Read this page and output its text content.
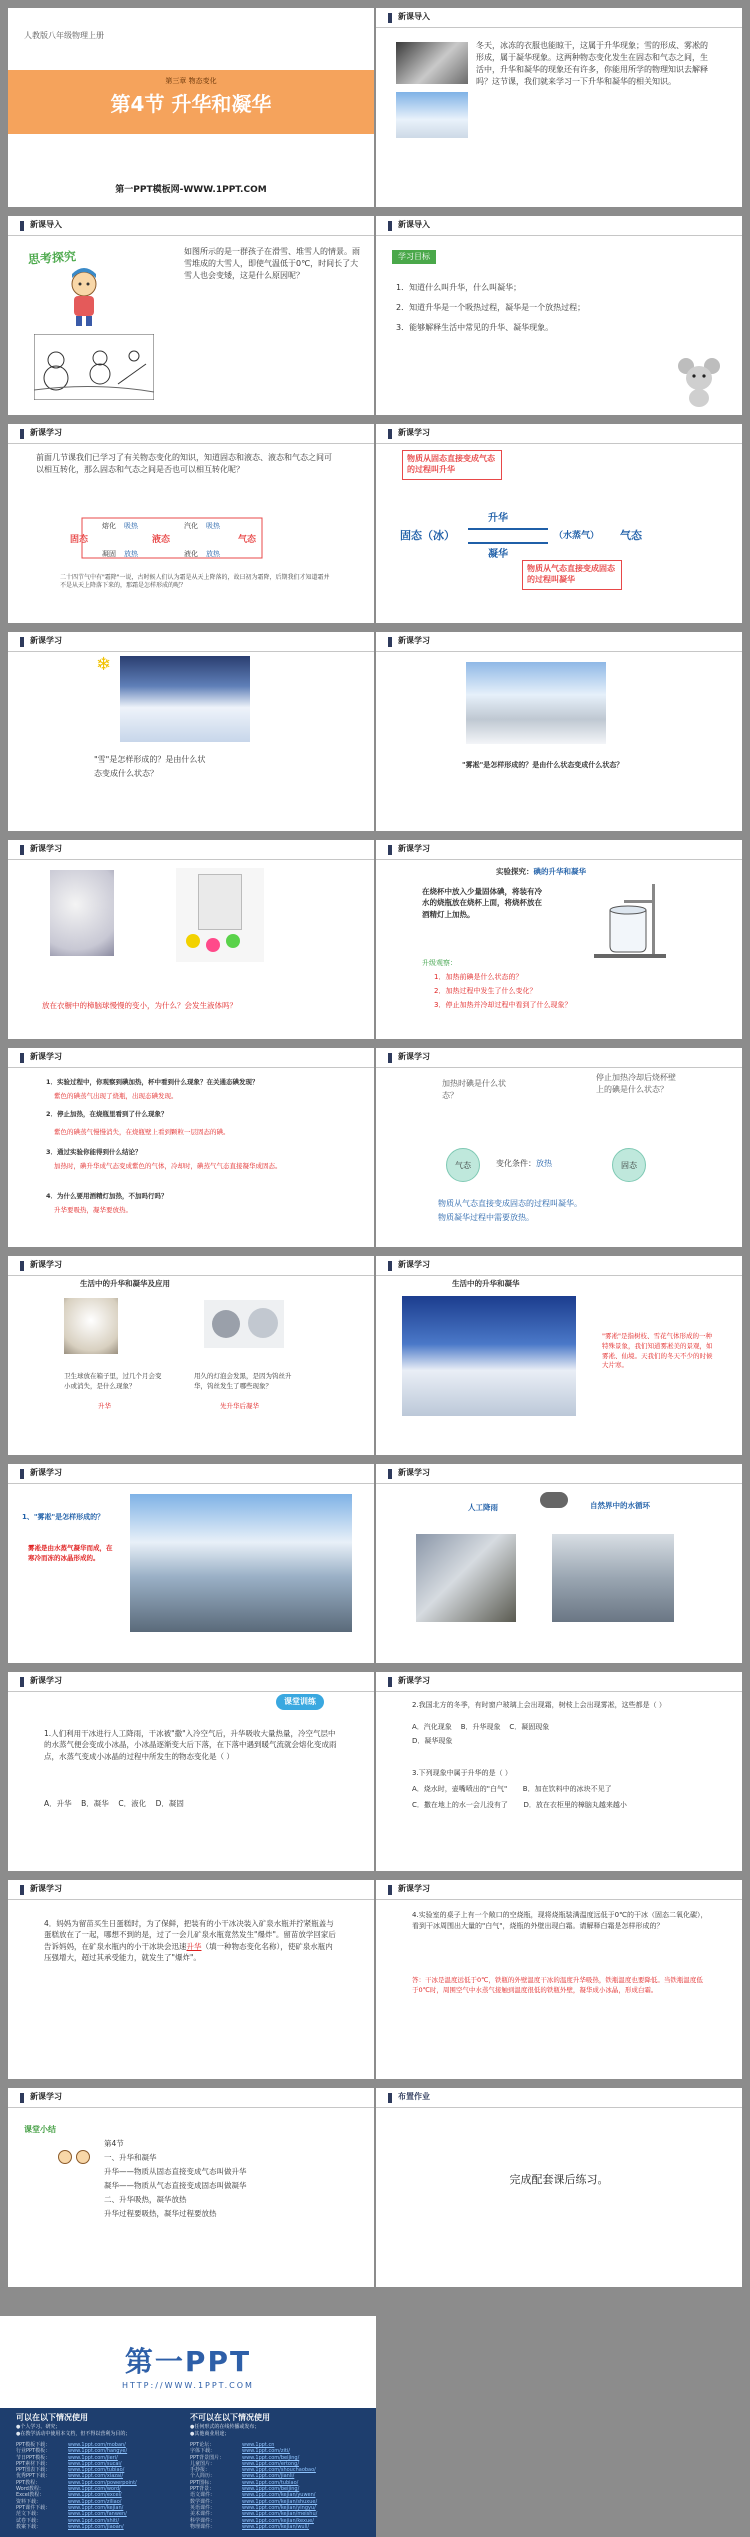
人教版八年级物理上册
第三章 物态变化
第4节 升华和凝华
第一PPT模板网-WWW.1PPT.COM
新课导入
冬天，冰冻的衣服也能晾干，这属于升华现象；雪的形成、雾凇的形成，属于凝华现象。这两种物态变化发生在固态和气态之间，生活中，升华和凝华的现象还有许多，你能用所学的物理知识去解释吗？这节课，我们就来学习一下升华和凝华的相关知识。
新课导入
思考探究	如图所示的是一群孩子在滑雪、堆雪人的情景。雨雪堆成的大雪人，即使气温低于0℃，时间长了大雪人也会变矮，这是什么原因呢？
新课导入
学习目标
1．知道什么叫升华，什么叫凝华；
2．知道升华是一个吸热过程，凝华是一个放热过程；
3．能够解释生活中常见的升华、凝华现象。
新课学习
前面几节课我们已学习了有关物态变化的知识，知道固态和液态、液态和气态之间可以相互转化，那么固态和气态之间是否也可以相互转化呢？
固态	液态	气态
熔化 吸热
凝固 放热
汽化 吸热
液化 放热
二十四节气中有"霜降"一说，古时候人们认为霜是从天上降落的，故曰初为霜降，后期我们才知道霜并不是从天上降落下来的，那霜是怎样形成的呢？
新课学习
物质从固态直接变成气态的过程叫升华
升华
固态（冰）	（水蒸气） 气态
凝华
物质从气态直接变成固态的过程叫凝华
新课学习
❄
"雪"是怎样形成的？是由什么状
态变成什么状态？
新课学习
"雾凇"是怎样形成的？是由什么状态变成什么状态？
新课学习
放在衣橱中的樟脑球慢慢的变小，为什么？会发生液体吗？
新课学习
实验探究：碘的升华和凝华
在烧杯中放入少量固体碘，将装有冷水的烧瓶放在烧杯上面，将烧杯放在酒精灯上加热。
升级观察：
1．加热前碘是什么状态的？
2．加热过程中发生了什么变化？
3．停止加热并冷却过程中看到了什么现象？
新课学习
1．实验过程中，你观察到碘加热，杯中看到什么现象？在关通态碘发现？
紫色的碘蒸气出现了烧瓶，出现态碘发现。
2．停止加热，在烧瓶里看到了什么现象？
紫色的碘蒸气慢慢消失，在烧瓶壁上看到颗粒一层固态的碘。
3．通过实验你能得到什么结论？
加热时，碘升华成气态变成紫色的气体，冷却时，碘蒸气气态直接凝华成固态。
4．为什么要用酒精灯加热，不加吗行吗？
升华要吸热，凝华要放热。
新课学习
加热时碘是什么状态？
停止加热冷却后烧杯壁上的碘是什么状态？
气态	变化条件：放热	固态
物质从气态直接变成固态的过程叫凝华。
物质凝华过程中需要放热。
新课学习
生活中的升华和凝华及应用
卫生球放在箱子里，过几个月会变小或消失，是什么现象？
升华
用久的灯泡会发黑，是因为钨丝升华，钨丝发生了哪些现象？
先升华后凝华
新课学习
生活中的升华和凝华
"雾凇"是指树枝、雪花气体形成的一种特殊景象，我们知道雾凇美的景观，如雾凇、仙境。天我们的冬天不少的时候大片寒。
新课学习
1、"雾凇"是怎样形成的？
雾凇是由水蒸气凝华而成，在寒冷而冻的冰晶形成的。
新课学习
人工降雨	自然界中的水循环
新课学习
课堂训练
1.人们利用干冰进行人工降雨，干冰被"撒"入冷空气后，升华吸收大量热量，冷空气层中的水蒸气便会变成小冰晶，小冰晶逐渐变大后下落，在下落中遇到暖气流就会熔化变成雨点，水蒸气变成小冰晶的过程中所发生的物态变化是（ ）
A．升华    B．凝华    C．液化    D．凝固
新课学习
2.我国北方的冬季，有时窗户玻璃上会出现霜，树枝上会出现雾凇，这些都是（ ）
A．汽化现象    B．升华现象    C．凝固现象
D．凝华现象
3.下列现象中属于升华的是（ ）
A．烧水时，壶嘴喷出的"白气"       B．加在饮料中的冰块不见了
C．撒在地上的水一会儿没有了       D．放在衣柜里的樟脑丸越来越小
新课学习
4．妈妈为留苗买生日蛋糕时，为了保鲜，把装有的小干冰决装入矿泉水瓶并拧紧瓶盖与蛋糕放在了一起，哪想不到的是，过了一会儿矿泉水瓶竟然发生"爆炸"。留苗放学回家后告诉妈妈，在矿泉水瓶内的小干冰块会迅速升华（填一种物态变化名称），使矿泉水瓶内压强增大，超过其承受能力，就发生了"爆炸"。
新课学习
4.实验室的桌子上有一个敞口的空烧瓶，现将烧瓶装满温度远低于0℃的干冰（固态二氧化碳），看到干冰周围出大量的"白气"，烧瓶的外壁出现白霜。请解释白霜是怎样形成的？
答：干冰是温度远低于0℃，铁瓶的外壁温度干冰的温度升华吸热，铁瓶温度也要降低。当铁瓶温度低于0℃时，周围空气中水蒸气接触到温度很低的铁瓶外壁，凝华成小冰晶，形成白霜。
新课学习
课堂小结
第4节
一、升华和凝华
升华——物质从固态直接变成气态叫做升华
凝华——物质从气态直接变成固态叫做凝华
二、升华吸热，凝华放热
升华过程要吸热，凝华过程要放热
布置作业
完成配套课后练习。
第一PPT
HTTP://WWW.1PPT.COM
可以在以下情况使用
●个人学习、研究；
●在教学活动中使用本文档，但不得以营利为目的；
不可以在以下情况使用
●任何形式的在线传播或发布；
●其他商业用途；
PPT模板下载：	www.1ppt.com/moban/
行业PPT模板：	www.1ppt.com/hangye/
节日PPT模板：	www.1ppt.com/jieri/
PPT素材下载：	www.1ppt.com/sucai/
PPT图表下载：	www.1ppt.com/tubiao/
优秀PPT下载：	www.1ppt.com/xiazai/
PPT教程：	www.1ppt.com/powerpoint/
Word教程：	www.1ppt.com/word/
Excel教程：	www.1ppt.com/excel/
资料下载：	www.1ppt.com/ziliao/
PPT课件下载：	www.1ppt.com/kejian/
范文下载：	www.1ppt.com/fanwen/
试卷下载：	www.1ppt.com/shiti/
教案下载：	www.1ppt.com/jiaoan/
PPT论坛：	www.1ppt.cn
字体下载：	www.1ppt.com/ziti/
PPT背景图片：	www.1ppt.com/beijing/
儿童图片：	www.1ppt.com/ertong/
手抄报：	www.1ppt.com/shouchaobao/
个人简历：	www.1ppt.com/jianli/
PPT图标：	www.1ppt.com/tubiao/
PPT背景：	www.1ppt.com/beijing/
语文课件：	www.1ppt.com/kejian/yuwen/
数学课件：	www.1ppt.com/kejian/shuxue/
英语课件：	www.1ppt.com/kejian/yingyu/
美术课件：	www.1ppt.com/kejian/meishu/
科学课件：	www.1ppt.com/kejian/kexue/
物理课件：	www.1ppt.com/kejian/wuli/
